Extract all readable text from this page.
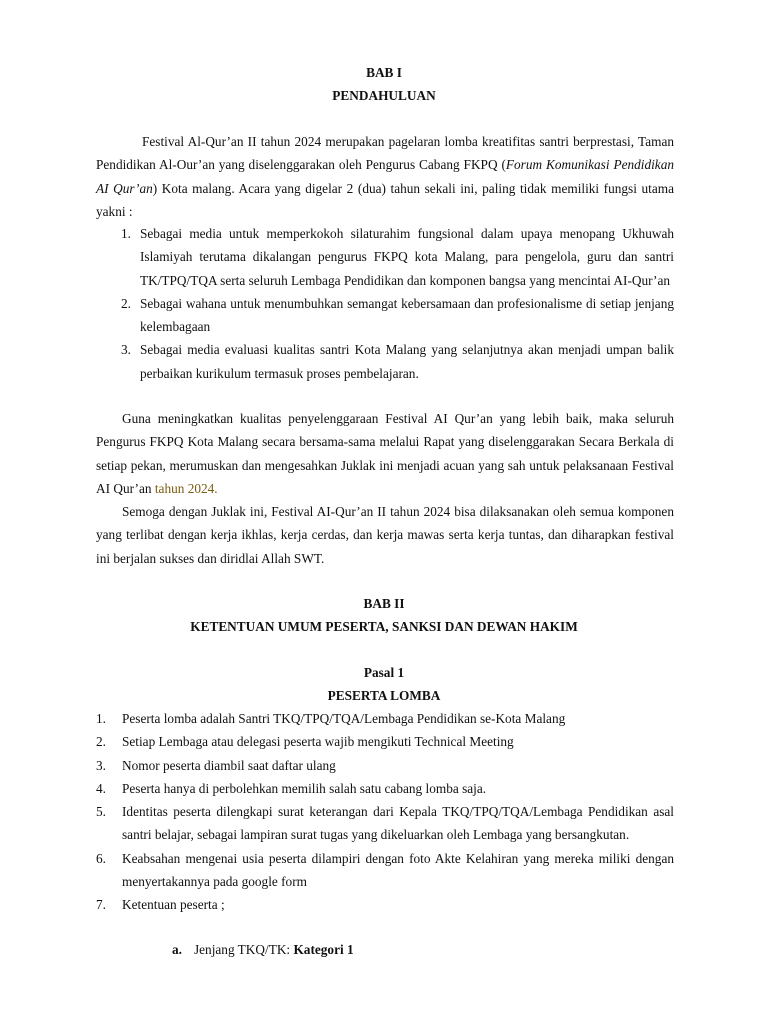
BAB I
PENDAHULUAN

Festival Al-Qur’an II tahun 2024 merupakan pagelaran lomba kreatifitas santri berprestasi, Taman Pendidikan Al-Our’an yang diselenggarakan oleh Pengurus Cabang FKPQ (Forum Komunikasi Pendidikan AI Qur’an) Kota malang. Acara yang digelar 2 (dua) tahun sekali ini, paling tidak memiliki fungsi utama yakni :

1. Sebagai media untuk memperkokoh silaturahim fungsional dalam upaya menopang Ukhuwah Islamiyah terutama dikalangan pengurus FKPQ kota Malang, para pengelola, guru dan santri TK/TPQ/TQA serta seluruh Lembaga Pendidikan dan komponen bangsa yang mencintai AI-Qur’an
2. Sebagai wahana untuk menumbuhkan semangat kebersamaan dan profesionalisme di setiap jenjang kelembagaan
3. Sebagai media evaluasi kualitas santri Kota Malang yang selanjutnya akan menjadi umpan balik perbaikan kurikulum termasuk proses pembelajaran.

Guna meningkatkan kualitas penyelenggaraan Festival AI Qur’an yang lebih baik, maka seluruh Pengurus FKPQ Kota Malang secara bersama-sama melalui Rapat yang diselenggarakan Secara Berkala di setiap pekan, merumuskan dan mengesahkan Juklak ini menjadi acuan yang sah untuk pelaksanaan Festival AI Qur’an tahun 2024.

Semoga dengan Juklak ini, Festival AI-Qur’an II tahun 2024 bisa dilaksanakan oleh semua komponen yang terlibat dengan kerja ikhlas, kerja cerdas, dan kerja mawas serta kerja tuntas, dan diharapkan festival ini berjalan sukses dan diridlai Allah SWT.

BAB II
KETENTUAN UMUM PESERTA, SANKSI DAN DEWAN HAKIM
Pasal 1
PESERTA LOMBA
1.	Peserta lomba adalah Santri TKQ/TPQ/TQA/Lembaga Pendidikan se-Kota Malang
2.	Setiap Lembaga atau delegasi peserta wajib mengikuti Technical Meeting
3.	Nomor peserta diambil saat daftar ulang
4.	Peserta hanya di perbolehkan memilih salah satu cabang lomba saja.
5.	Identitas peserta dilengkapi surat keterangan dari Kepala TKQ/TPQ/TQA/Lembaga Pendidikan asal santri belajar, sebagai lampiran surat tugas yang dikeluarkan oleh Lembaga yang bersangkutan.
6.	Keabsahan mengenai usia peserta dilampiri dengan foto Akte Kelahiran yang mereka miliki dengan menyertakannya pada google form
7.	Ketentuan peserta ;
a. Jenjang TKQ/TK: Kategori 1
